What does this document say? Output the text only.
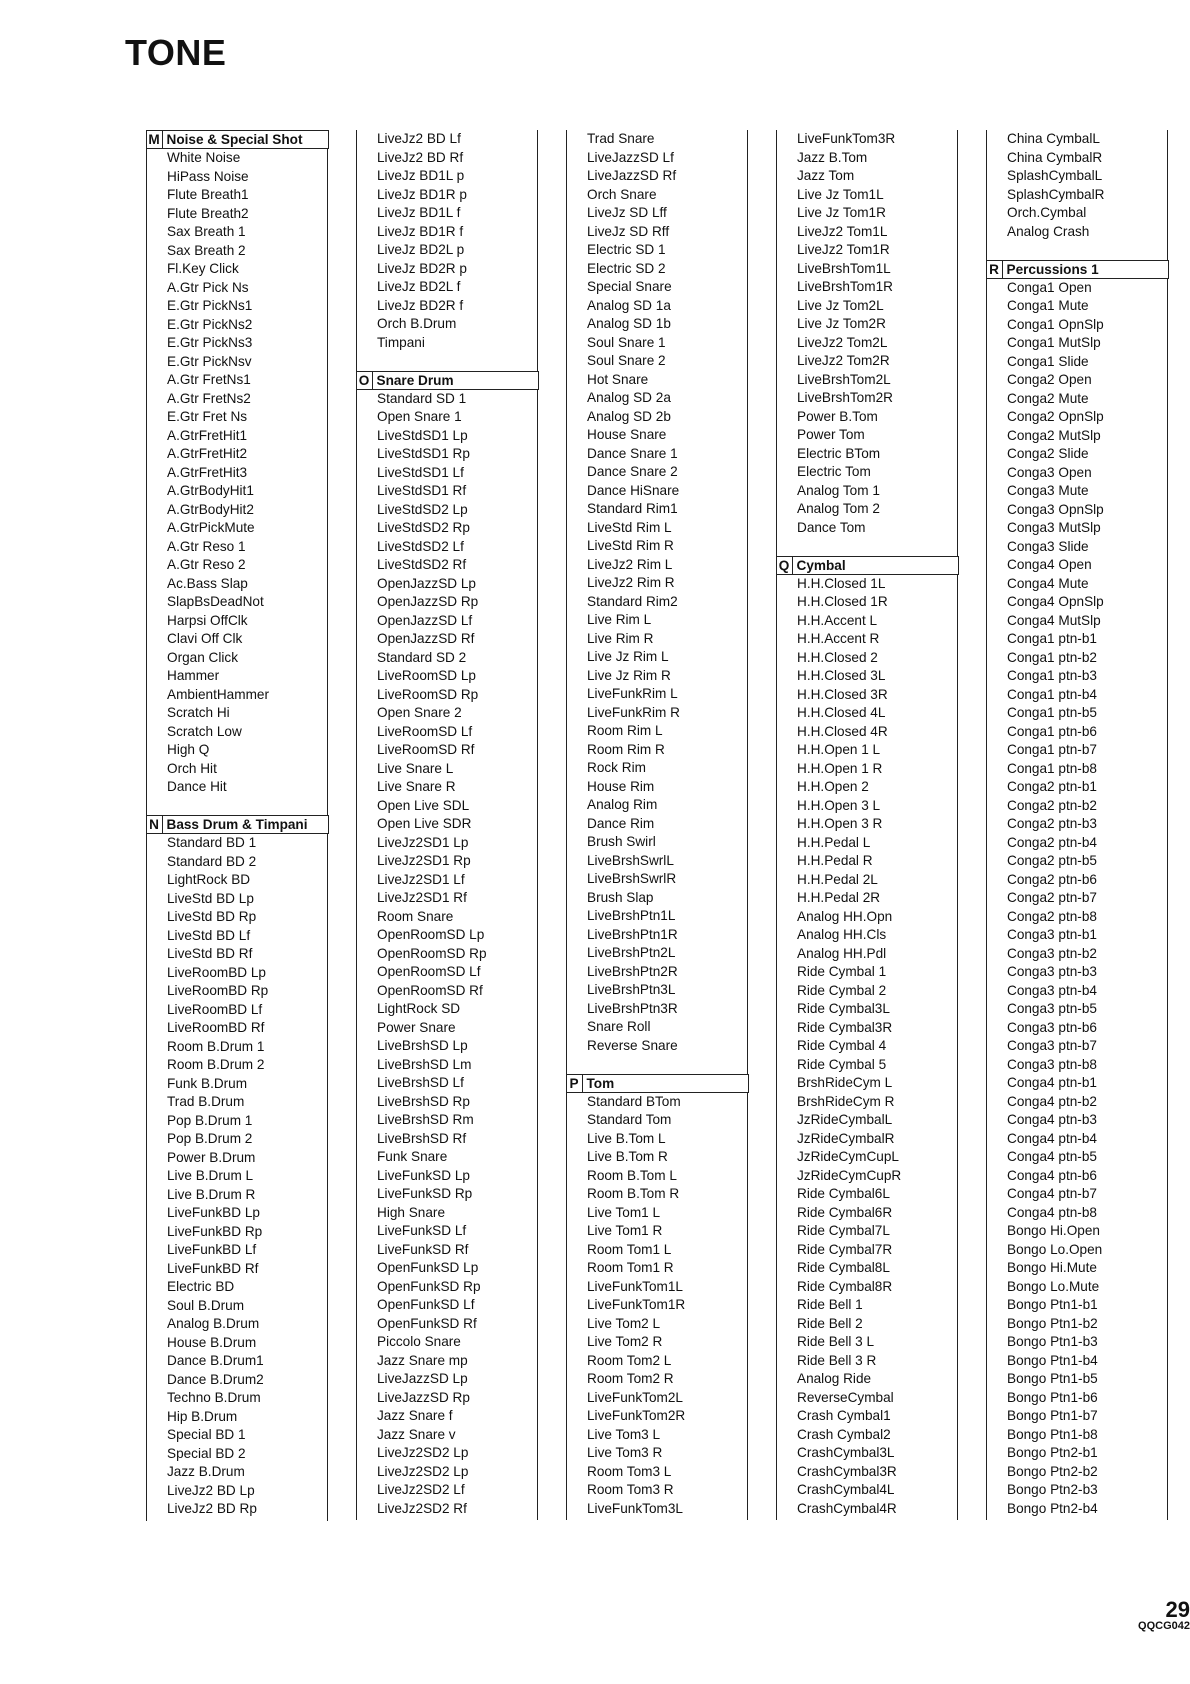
TONE
M Noise & Special Shot
White Noise
HiPass Noise
Flute Breath1
Flute Breath2
Sax Breath 1
Sax Breath 2
Fl.Key Click
A.Gtr Pick Ns
E.Gtr PickNs1
E.Gtr PickNs2
E.Gtr PickNs3
E.Gtr PickNsv
A.Gtr FretNs1
A.Gtr FretNs2
E.Gtr Fret Ns
A.GtrFretHit1
A.GtrFretHit2
A.GtrFretHit3
A.GtrBodyHit1
A.GtrBodyHit2
A.GtrPickMute
A.Gtr Reso 1
A.Gtr Reso 2
Ac.Bass Slap
SlapBsDeadNot
Harpsi OffClk
Clavi Off Clk
Organ Click
Hammer
AmbientHammer
Scratch Hi
Scratch Low
High Q
Orch Hit
Dance Hit
N Bass Drum & Timpani
Standard BD 1
Standard BD 2
LightRock BD
LiveStd BD Lp
LiveStd BD Rp
LiveStd BD Lf
LiveStd BD Rf
LiveRoomBD Lp
LiveRoomBD Rp
LiveRoomBD Lf
LiveRoomBD Rf
Room B.Drum 1
Room B.Drum 2
Funk B.Drum
Trad B.Drum
Pop B.Drum 1
Pop B.Drum 2
Power B.Drum
Live B.Drum L
Live B.Drum R
LiveFunkBD Lp
LiveFunkBD Rp
LiveFunkBD Lf
LiveFunkBD Rf
Electric BD
Soul B.Drum
Analog B.Drum
House B.Drum
Dance B.Drum1
Dance B.Drum2
Techno B.Drum
Hip B.Drum
Special BD 1
Special BD 2
Jazz B.Drum
LiveJz2 BD Lp
LiveJz2 BD Rp
LiveJz2 BD Lf
LiveJz2 BD Rf
LiveJz BD1L p
LiveJz BD1R p
LiveJz BD1L f
LiveJz BD1R f
LiveJz BD2L p
LiveJz BD2R p
LiveJz BD2L f
LiveJz BD2R f
Orch B.Drum
Timpani
O Snare Drum
Standard SD 1
Open Snare 1
LiveStdSD1 Lp
LiveStdSD1 Rp
LiveStdSD1 Lf
LiveStdSD1 Rf
LiveStdSD2 Lp
LiveStdSD2 Rp
LiveStdSD2 Lf
LiveStdSD2 Rf
OpenJazzSD Lp
OpenJazzSD Rp
OpenJazzSD Lf
OpenJazzSD Rf
Standard SD 2
LiveRoomSD Lp
LiveRoomSD Rp
Open Snare 2
LiveRoomSD Lf
LiveRoomSD Rf
Live Snare L
Live Snare R
Open Live SDL
Open Live SDR
LiveJz2SD1 Lp
LiveJz2SD1 Rp
LiveJz2SD1 Lf
LiveJz2SD1 Rf
Room Snare
OpenRoomSD Lp
OpenRoomSD Rp
OpenRoomSD Lf
OpenRoomSD Rf
LightRock SD
Power Snare
LiveBrshSD Lp
LiveBrshSD Lm
LiveBrshSD Lf
LiveBrshSD Rp
LiveBrshSD Rm
LiveBrshSD Rf
Funk Snare
LiveFunkSD Lp
LiveFunkSD Rp
High Snare
LiveFunkSD Lf
LiveFunkSD Rf
OpenFunkSD Lp
OpenFunkSD Rp
OpenFunkSD Lf
OpenFunkSD Rf
Piccolo Snare
Jazz Snare mp
LiveJazzSD Lp
LiveJazzSD Rp
Jazz Snare f
Jazz Snare v
LiveJz2SD2 Lp
LiveJz2SD2 Lp
LiveJz2SD2 Lf
LiveJz2SD2 Rf
Trad Snare
LiveJazzSD Lf
LiveJazzSD Rf
Orch Snare
LiveJz SD Lff
LiveJz SD Rff
Electric SD 1
Electric SD 2
Special Snare
Analog SD 1a
Analog SD 1b
Soul Snare 1
Soul Snare 2
Hot Snare
Analog SD 2a
Analog SD 2b
House Snare
Dance Snare 1
Dance Snare 2
Dance HiSnare
Standard Rim1
LiveStd Rim L
LiveStd Rim R
LiveJz2 Rim L
LiveJz2 Rim R
Standard Rim2
Live Rim L
Live Rim R
Live Jz Rim L
Live Jz Rim R
LiveFunkRim L
LiveFunkRim R
Room Rim L
Room Rim R
Rock Rim
House Rim
Analog Rim
Dance Rim
Brush Swirl
LiveBrshSwrlL
LiveBrshSwrlR
Brush Slap
LiveBrshPtn1L
LiveBrshPtn1R
LiveBrshPtn2L
LiveBrshPtn2R
LiveBrshPtn3L
LiveBrshPtn3R
Snare Roll
Reverse Snare
P Tom
Standard BTom
Standard Tom
Live B.Tom L
Live B.Tom R
Room B.Tom L
Room B.Tom R
Live Tom1 L
Live Tom1 R
Room Tom1 L
Room Tom1 R
LiveFunkTom1L
LiveFunkTom1R
Live Tom2 L
Live Tom2 R
Room Tom2 L
Room Tom2 R
LiveFunkTom2L
LiveFunkTom2R
Live Tom3 L
Live Tom3 R
Room Tom3 L
Room Tom3 R
LiveFunkTom3L
LiveFunkTom3R
Jazz B.Tom
Jazz Tom
Live Jz Tom1L
Live Jz Tom1R
LiveJz2 Tom1L
LiveJz2 Tom1R
LiveBrshTom1L
LiveBrshTom1R
Live Jz Tom2L
Live Jz Tom2R
LiveJz2 Tom2L
LiveJz2 Tom2R
LiveBrshTom2L
LiveBrshTom2R
Power B.Tom
Power Tom
Electric BTom
Electric Tom
Analog Tom 1
Analog Tom 2
Dance Tom
Q Cymbal
H.H.Closed 1L
H.H.Closed 1R
H.H.Accent L
H.H.Accent R
H.H.Closed 2
H.H.Closed 3L
H.H.Closed 3R
H.H.Closed 4L
H.H.Closed 4R
H.H.Open 1 L
H.H.Open 1 R
H.H.Open 2
H.H.Open 3 L
H.H.Open 3 R
H.H.Pedal L
H.H.Pedal R
H.H.Pedal 2L
H.H.Pedal 2R
Analog HH.Opn
Analog HH.Cls
Analog HH.Pdl
Ride Cymbal 1
Ride Cymbal 2
Ride Cymbal3L
Ride Cymbal3R
Ride Cymbal 4
Ride Cymbal 5
BrshRideCym L
BrshRideCym R
JzRideCymbalL
JzRideCymbalR
JzRideCymCupL
JzRideCymCupR
Ride Cymbal6L
Ride Cymbal6R
Ride Cymbal7L
Ride Cymbal7R
Ride Cymbal8L
Ride Cymbal8R
Ride Bell 1
Ride Bell 2
Ride Bell 3 L
Ride Bell 3 R
Analog Ride
ReverseCymbal
Crash Cymbal1
Crash Cymbal2
CrashCymbal3L
CrashCymbal3R
CrashCymbal4L
CrashCymbal4R
China CymbalL
China CymbalR
SplashCymbalL
SplashCymbalR
Orch.Cymbal
Analog Crash
R Percussions 1
Conga1 Open
Conga1 Mute
Conga1 OpnSlp
Conga1 MutSlp
Conga1 Slide
Conga2 Open
Conga2 Mute
Conga2 OpnSlp
Conga2 MutSlp
Conga2 Slide
Conga3 Open
Conga3 Mute
Conga3 OpnSlp
Conga3 MutSlp
Conga3 Slide
Conga4 Open
Conga4 Mute
Conga4 OpnSlp
Conga4 MutSlp
Conga1 ptn-b1
Conga1 ptn-b2
Conga1 ptn-b3
Conga1 ptn-b4
Conga1 ptn-b5
Conga1 ptn-b6
Conga1 ptn-b7
Conga1 ptn-b8
Conga2 ptn-b1
Conga2 ptn-b2
Conga2 ptn-b3
Conga2 ptn-b4
Conga2 ptn-b5
Conga2 ptn-b6
Conga2 ptn-b7
Conga2 ptn-b8
Conga3 ptn-b1
Conga3 ptn-b2
Conga3 ptn-b3
Conga3 ptn-b4
Conga3 ptn-b5
Conga3 ptn-b6
Conga3 ptn-b7
Conga3 ptn-b8
Conga4 ptn-b1
Conga4 ptn-b2
Conga4 ptn-b3
Conga4 ptn-b4
Conga4 ptn-b5
Conga4 ptn-b6
Conga4 ptn-b7
Conga4 ptn-b8
Bongo Hi.Open
Bongo Lo.Open
Bongo Hi.Mute
Bongo Lo.Mute
Bongo Ptn1-b1
Bongo Ptn1-b2
Bongo Ptn1-b3
Bongo Ptn1-b4
Bongo Ptn1-b5
Bongo Ptn1-b6
Bongo Ptn1-b7
Bongo Ptn1-b8
Bongo Ptn2-b1
Bongo Ptn2-b2
Bongo Ptn2-b3
Bongo Ptn2-b4
29
QQCG042
